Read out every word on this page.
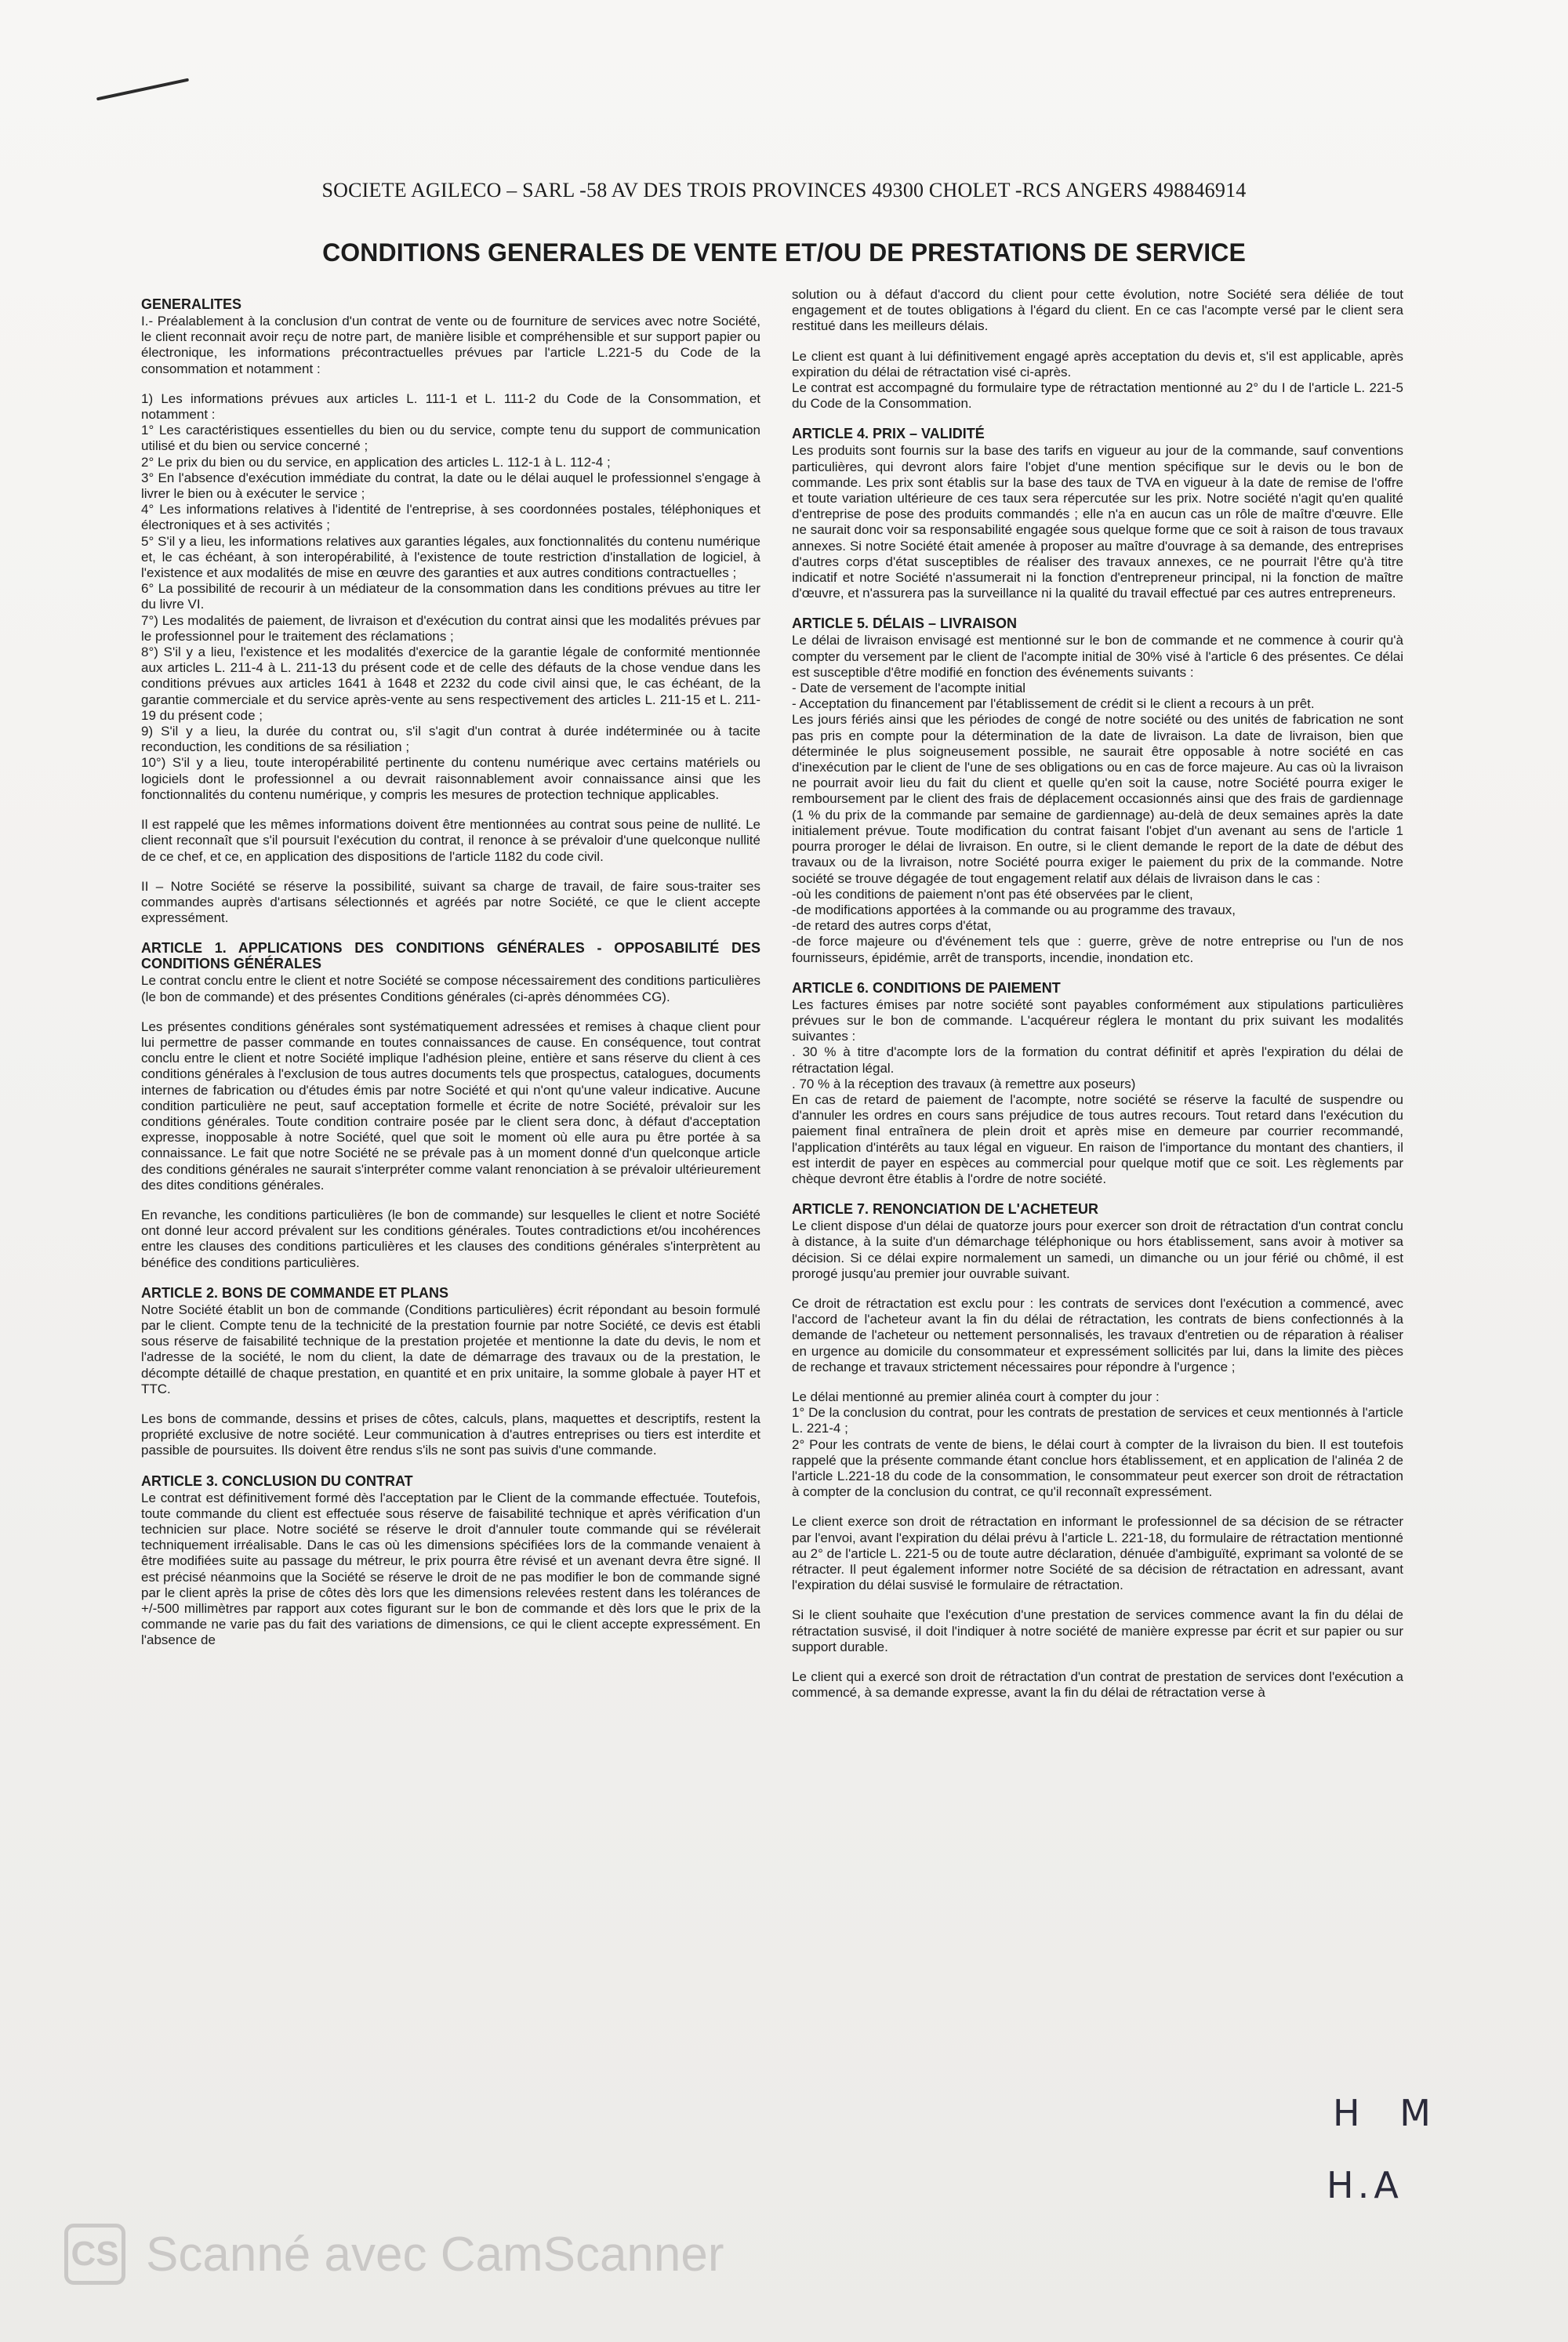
SOCIETE AGILECO – SARL -58 AV DES TROIS PROVINCES 49300 CHOLET -RCS ANGERS 498846914
CONDITIONS GENERALES DE VENTE ET/OU DE PRESTATIONS DE SERVICE
GENERALITES

I.- Préalablement à la conclusion d'un contrat de vente ou de fourniture de services avec notre Société, le client reconnait avoir reçu de notre part, de manière lisible et compréhensible et sur support papier ou électronique, les informations précontractuelles prévues par l'article L.221-5 du Code de la consommation et notamment :

1) Les informations prévues aux articles L. 111-1 et L. 111-2 du Code de la Consommation, et notamment :
1° Les caractéristiques essentielles du bien ou du service, compte tenu du support de communication utilisé et du bien ou service concerné ;
2° Le prix du bien ou du service, en application des articles L. 112-1 à L. 112-4 ;
3° En l'absence d'exécution immédiate du contrat, la date ou le délai auquel le professionnel s'engage à livrer le bien ou à exécuter le service ;
4° Les informations relatives à l'identité de l'entreprise, à ses coordonnées postales, téléphoniques et électroniques et à ses activités ;
5° S'il y a lieu, les informations relatives aux garanties légales, aux fonctionnalités du contenu numérique et, le cas échéant, à son interopérabilité, à l'existence de toute restriction d'installation de logiciel, à l'existence et aux modalités de mise en œuvre des garanties et aux autres conditions contractuelles ;
6° La possibilité de recourir à un médiateur de la consommation dans les conditions prévues au titre Ier du livre VI.
7°) Les modalités de paiement, de livraison et d'exécution du contrat ainsi que les modalités prévues par le professionnel pour le traitement des réclamations ;
8°) S'il y a lieu, l'existence et les modalités d'exercice de la garantie légale de conformité mentionnée aux articles L. 211-4 à L. 211-13 du présent code et de celle des défauts de la chose vendue dans les conditions prévues aux articles 1641 à 1648 et 2232 du code civil ainsi que, le cas échéant, de la garantie commerciale et du service après-vente au sens respectivement des articles L. 211-15 et L. 211-19 du présent code ;
9) S'il y a lieu, la durée du contrat ou, s'il s'agit d'un contrat à durée indéterminée ou à tacite reconduction, les conditions de sa résiliation ;
10°) S'il y a lieu, toute interopérabilité pertinente du contenu numérique avec certains matériels ou logiciels dont le professionnel a ou devrait raisonnablement avoir connaissance ainsi que les fonctionnalités du contenu numérique, y compris les mesures de protection technique applicables.

Il est rappelé que les mêmes informations doivent être mentionnées au contrat sous peine de nullité. Le client reconnaît que s'il poursuit l'exécution du contrat, il renonce à se prévaloir d'une quelconque nullité de ce chef, et ce, en application des dispositions de l'article 1182 du code civil.

II – Notre Société se réserve la possibilité, suivant sa charge de travail, de faire sous-traiter ses commandes auprès d'artisans sélectionnés et agréés par notre Société, ce que le client accepte expressément.

ARTICLE 1. APPLICATIONS DES CONDITIONS GÉNÉRALES - OPPOSABILITÉ DES CONDITIONS GÉNÉRALES

Le contrat conclu entre le client et notre Société se compose nécessairement des conditions particulières (le bon de commande) et des présentes Conditions générales (ci-après dénommées CG).

Les présentes conditions générales sont systématiquement adressées et remises à chaque client pour lui permettre de passer commande en toutes connaissances de cause. En conséquence, tout contrat conclu entre le client et notre Société implique l'adhésion pleine, entière et sans réserve du client à ces conditions générales à l'exclusion de tous autres documents tels que prospectus, catalogues, documents internes de fabrication ou d'études émis par notre Société et qui n'ont qu'une valeur indicative. Aucune condition particulière ne peut, sauf acceptation formelle et écrite de notre Société, prévaloir sur les conditions générales. Toute condition contraire posée par le client sera donc, à défaut d'acceptation expresse, inopposable à notre Société, quel que soit le moment où elle aura pu être portée à sa connaissance. Le fait que notre Société ne se prévale pas à un moment donné d'un quelconque article des conditions générales ne saurait s'interpréter comme valant renonciation à se prévaloir ultérieurement des dites conditions générales.

En revanche, les conditions particulières (le bon de commande) sur lesquelles le client et notre Société ont donné leur accord prévalent sur les conditions générales. Toutes contradictions et/ou incohérences entre les clauses des conditions particulières et les clauses des conditions générales s'interprètent au bénéfice des conditions particulières.

ARTICLE 2. BONS DE COMMANDE ET PLANS

Notre Société établit un bon de commande (Conditions particulières) écrit répondant au besoin formulé par le client. Compte tenu de la technicité de la prestation fournie par notre Société, ce devis est établi sous réserve de faisabilité technique de la prestation projetée et mentionne la date du devis, le nom et l'adresse de la société, le nom du client, la date de démarrage des travaux ou de la prestation, le décompte détaillé de chaque prestation, en quantité et en prix unitaire, la somme globale à payer HT et TTC.

Les bons de commande, dessins et prises de côtes, calculs, plans, maquettes et descriptifs, restent la propriété exclusive de notre société. Leur communication à d'autres entreprises ou tiers est interdite et passible de poursuites. Ils doivent être rendus s'ils ne sont pas suivis d'une commande.

ARTICLE 3. CONCLUSION DU CONTRAT

Le contrat est définitivement formé dès l'acceptation par le Client de la commande effectuée. Toutefois, toute commande du client est effectuée sous réserve de faisabilité technique et après vérification d'un technicien sur place. Notre société se réserve le droit d'annuler toute commande qui se révélerait techniquement irréalisable. Dans le cas où les dimensions spécifiées lors de la commande venaient à être modifiées suite au passage du métreur, le prix pourra être révisé et un avenant devra être signé. Il est précisé néanmoins que la Société se réserve le droit de ne pas modifier le bon de commande signé par le client après la prise de côtes dès lors que les dimensions relevées restent dans les tolérances de +/-500 millimètres par rapport aux cotes figurant sur le bon de commande et dès lors que le prix de la commande ne varie pas du fait des variations de dimensions, ce qui le client accepte expressément. En l'absence de

solution ou à défaut d'accord du client pour cette évolution, notre Société sera déliée de tout engagement et de toutes obligations à l'égard du client. En ce cas l'acompte versé par le client sera restitué dans les meilleurs délais.

Le client est quant à lui définitivement engagé après acceptation du devis et, s'il est applicable, après expiration du délai de rétractation visé ci-après.
Le contrat est accompagné du formulaire type de rétractation mentionné au 2° du I de l'article L. 221-5 du Code de la Consommation.

ARTICLE 4. PRIX – VALIDITÉ

Les produits sont fournis sur la base des tarifs en vigueur au jour de la commande, sauf conventions particulières, qui devront alors faire l'objet d'une mention spécifique sur le devis ou le bon de commande. Les prix sont établis sur la base des taux de TVA en vigueur à la date de remise de l'offre et toute variation ultérieure de ces taux sera répercutée sur les prix. Notre société n'agit qu'en qualité d'entreprise de pose des produits commandés ; elle n'a en aucun cas un rôle de maître d'œuvre. Elle ne saurait donc voir sa responsabilité engagée sous quelque forme que ce soit à raison de tous travaux annexes. Si notre Société était amenée à proposer au maître d'ouvrage à sa demande, des entreprises d'autres corps d'état susceptibles de réaliser des travaux annexes, ce ne pourrait l'être qu'à titre indicatif et notre Société n'assumerait ni la fonction d'entrepreneur principal, ni la fonction de maître d'œuvre, et n'assurera pas la surveillance ni la qualité du travail effectué par ces autres entrepreneurs.

ARTICLE 5. DÉLAIS – LIVRAISON

Le délai de livraison envisagé est mentionné sur le bon de commande et ne commence à courir qu'à compter du versement par le client de l'acompte initial de 30% visé à l'article 6 des présentes. Ce délai est susceptible d'être modifié en fonction des événements suivants :
- Date de versement de l'acompte initial
- Acceptation du financement par l'établissement de crédit si le client a recours à un prêt.
Les jours fériés ainsi que les périodes de congé de notre société ou des unités de fabrication ne sont pas pris en compte pour la détermination de la date de livraison. La date de livraison, bien que déterminée le plus soigneusement possible, ne saurait être opposable à notre société en cas d'inexécution par le client de l'une de ses obligations ou en cas de force majeure. Au cas où la livraison ne pourrait avoir lieu du fait du client et quelle qu'en soit la cause, notre Société pourra exiger le remboursement par le client des frais de déplacement occasionnés ainsi que des frais de gardiennage (1 % du prix de la commande par semaine de gardiennage) au-delà de deux semaines après la date initialement prévue. Toute modification du contrat faisant l'objet d'un avenant au sens de l'article 1 pourra proroger le délai de livraison. En outre, si le client demande le report de la date de début des travaux ou de la livraison, notre Société pourra exiger le paiement du prix de la commande. Notre société se trouve dégagée de tout engagement relatif aux délais de livraison dans le cas :
-où les conditions de paiement n'ont pas été observées par le client,
-de modifications apportées à la commande ou au programme des travaux,
-de retard des autres corps d'état,
-de force majeure ou d'événement tels que : guerre, grève de notre entreprise ou l'un de nos fournisseurs, épidémie, arrêt de transports, incendie, inondation etc.

ARTICLE 6. CONDITIONS DE PAIEMENT

Les factures émises par notre société sont payables conformément aux stipulations particulières prévues sur le bon de commande. L'acquéreur réglera le montant du prix suivant les modalités suivantes :
. 30 % à titre d'acompte lors de la formation du contrat définitif et après l'expiration du délai de rétractation légal.
. 70 % à la réception des travaux (à remettre aux poseurs)
En cas de retard de paiement de l'acompte, notre société se réserve la faculté de suspendre ou d'annuler les ordres en cours sans préjudice de tous autres recours. Tout retard dans l'exécution du paiement final entraînera de plein droit et après mise en demeure par courrier recommandé, l'application d'intérêts au taux légal en vigueur. En raison de l'importance du montant des chantiers, il est interdit de payer en espèces au commercial pour quelque motif que ce soit. Les règlements par chèque devront être établis à l'ordre de notre société.

ARTICLE 7. RENONCIATION DE L'ACHETEUR

Le client dispose d'un délai de quatorze jours pour exercer son droit de rétractation d'un contrat conclu à distance, à la suite d'un démarchage téléphonique ou hors établissement, sans avoir à motiver sa décision. Si ce délai expire normalement un samedi, un dimanche ou un jour férié ou chômé, il est prorogé jusqu'au premier jour ouvrable suivant.

Ce droit de rétractation est exclu pour : les contrats de services dont l'exécution a commencé, avec l'accord de l'acheteur avant la fin du délai de rétractation, les contrats de biens confectionnés à la demande de l'acheteur ou nettement personnalisés, les travaux d'entretien ou de réparation à réaliser en urgence au domicile du consommateur et expressément sollicités par lui, dans la limite des pièces de rechange et travaux strictement nécessaires pour répondre à l'urgence ;

Le délai mentionné au premier alinéa court à compter du jour :
1° De la conclusion du contrat, pour les contrats de prestation de services et ceux mentionnés à l'article L. 221-4 ;
2° Pour les contrats de vente de biens, le délai court à compter de la livraison du bien. Il est toutefois rappelé que la présente commande étant conclue hors établissement, et en application de l'alinéa 2 de l'article L.221-18 du code de la consommation, le consommateur peut exercer son droit de rétractation à compter de la conclusion du contrat, ce qu'il reconnaît expressément.

Le client exerce son droit de rétractation en informant le professionnel de sa décision de se rétracter par l'envoi, avant l'expiration du délai prévu à l'article L. 221-18, du formulaire de rétractation mentionné au 2° de l'article L. 221-5 ou de toute autre déclaration, dénuée d'ambiguïté, exprimant sa volonté de se rétracter. Il peut également informer notre Société de sa décision de rétractation en adressant, avant l'expiration du délai susvisé le formulaire de rétractation.

Si le client souhaite que l'exécution d'une prestation de services commence avant la fin du délai de rétractation susvisé, il doit l'indiquer à notre société de manière expresse par écrit et sur papier ou sur support durable.

Le client qui a exercé son droit de rétractation d'un contrat de prestation de services dont l'exécution a commencé, à sa demande expresse, avant la fin du délai de rétractation verse à

H M
H.A
CS Scanné avec CamScanner
